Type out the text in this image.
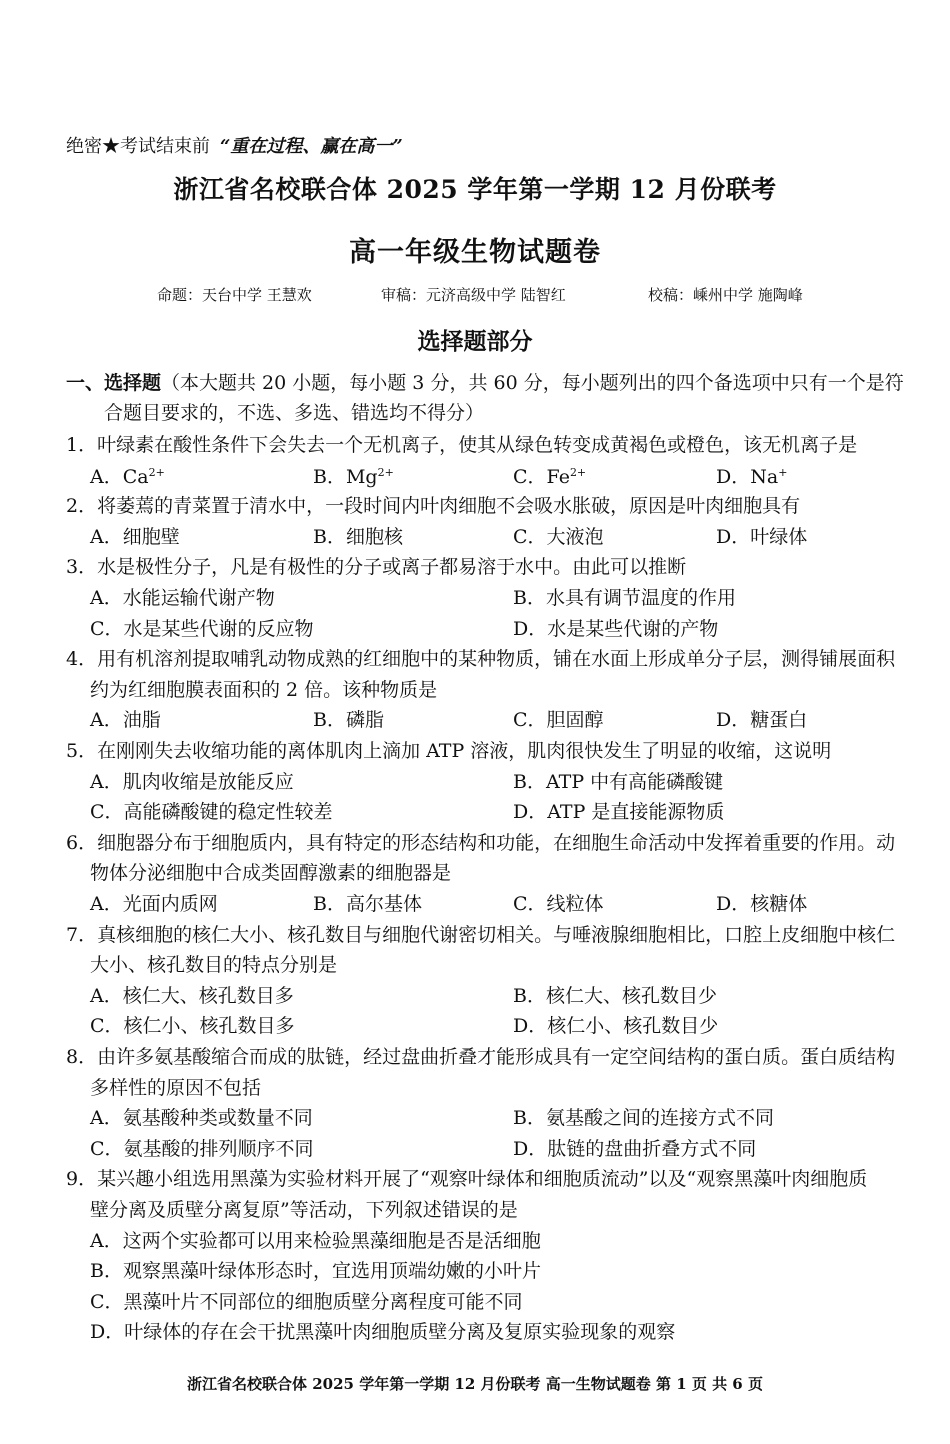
绝密★考试结束前 “重在过程、赢在高一”
浙江省名校联合体 2025 学年第一学期 12 月份联考
高一年级生物试题卷
命题：天台中学 王慧欢	审稿：元济高级中学 陆智红	校稿：嵊州中学 施陶峰
选择题部分
一、选择题（本大题共 20 小题，每小题 3 分，共 60 分，每小题列出的四个备选项中只有一个是符
合题目要求的，不选、多选、错选均不得分）
1．叶绿素在酸性条件下会失去一个无机离子，使其从绿色转变成黄褐色或橙色，该无机离子是
A．$Ca^{2+}$	B．$Mg^{2+}$	C．$Fe^{2+}$	D．Na+
2．将萎蔫的青菜置于清水中，一段时间内叶肉细胞不会吸水胀破，原因是叶肉细胞具有
A．细胞壁	B．细胞核	C．大液泡	D．叶绿体
3．水是极性分子，凡是有极性的分子或离子都易溶于水中。由此可以推断
A．水能运输代谢产物	B．水具有调节温度的作用
C．水是某些代谢的反应物	D．水是某些代谢的产物
4．用有机溶剂提取哺乳动物成熟的红细胞中的某种物质，铺在水面上形成单分子层，测得铺展面积
约为红细胞膜表面积的 2 倍。该种物质是
A．油脂	B．磷脂	C．胆固醇	D．糖蛋白
5．在刚刚失去收缩功能的离体肌肉上滴加 ATP 溶液，肌肉很快发生了明显的收缩，这说明
A．肌肉收缩是放能反应	B．ATP 中有高能磷酸键
C．高能磷酸键的稳定性较差	D．ATP 是直接能源物质
6．细胞器分布于细胞质内，具有特定的形态结构和功能，在细胞生命活动中发挥着重要的作用。动
物体分泌细胞中合成类固醇激素的细胞器是
A．光面内质网	B．高尔基体	C．线粒体	D．核糖体
7．真核细胞的核仁大小、核孔数目与细胞代谢密切相关。与唾液腺细胞相比，口腔上皮细胞中核仁
大小、核孔数目的特点分别是
A．核仁大、核孔数目多	B．核仁大、核孔数目少
C．核仁小、核孔数目多	D．核仁小、核孔数目少
8．由许多氨基酸缩合而成的肽链，经过盘曲折叠才能形成具有一定空间结构的蛋白质。蛋白质结构
多样性的原因不包括
A．氨基酸种类或数量不同	B．氨基酸之间的连接方式不同
C．氨基酸的排列顺序不同	D．肽链的盘曲折叠方式不同
9．某兴趣小组选用黑藻为实验材料开展了“观察叶绿体和细胞质流动”以及“观察黑藻叶肉细胞质
壁分离及质壁分离复原”等活动，下列叙述错误的是
A．这两个实验都可以用来检验黑藻细胞是否是活细胞
B．观察黑藻叶绿体形态时，宜选用顶端幼嫩的小叶片
C．黑藻叶片不同部位的细胞质壁分离程度可能不同
D．叶绿体的存在会干扰黑藻叶肉细胞质壁分离及复原实验现象的观察
浙江省名校联合体 2025 学年第一学期 12 月份联考 高一生物试题卷 第 1 页 共 6 页
